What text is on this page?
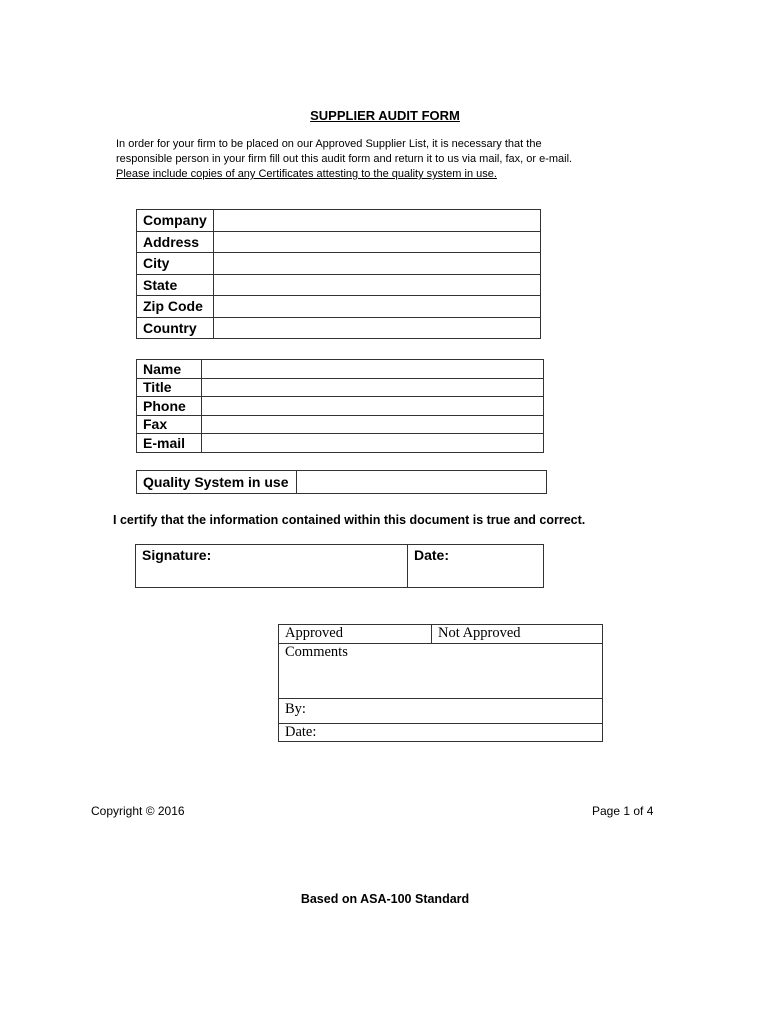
SUPPLIER AUDIT FORM
In order for your firm to be placed on our Approved Supplier List, it is necessary that the
responsible person in your firm fill out this audit form and return it to us via mail, fax, or e-mail.
Please include copies of any Certificates attesting to the quality system in use.
Company	
Address	
City	
State	
Zip Code	
Country	
Name	
Title	
Phone	
Fax	
E-mail	
Quality System in use	
I certify that the information contained within this document is true and correct.
Signature:	Date:
Approved	Not Approved
Comments
By:
Date:
Copyright © 2016	Page 1 of 4
Based on ASA-100 Standard
